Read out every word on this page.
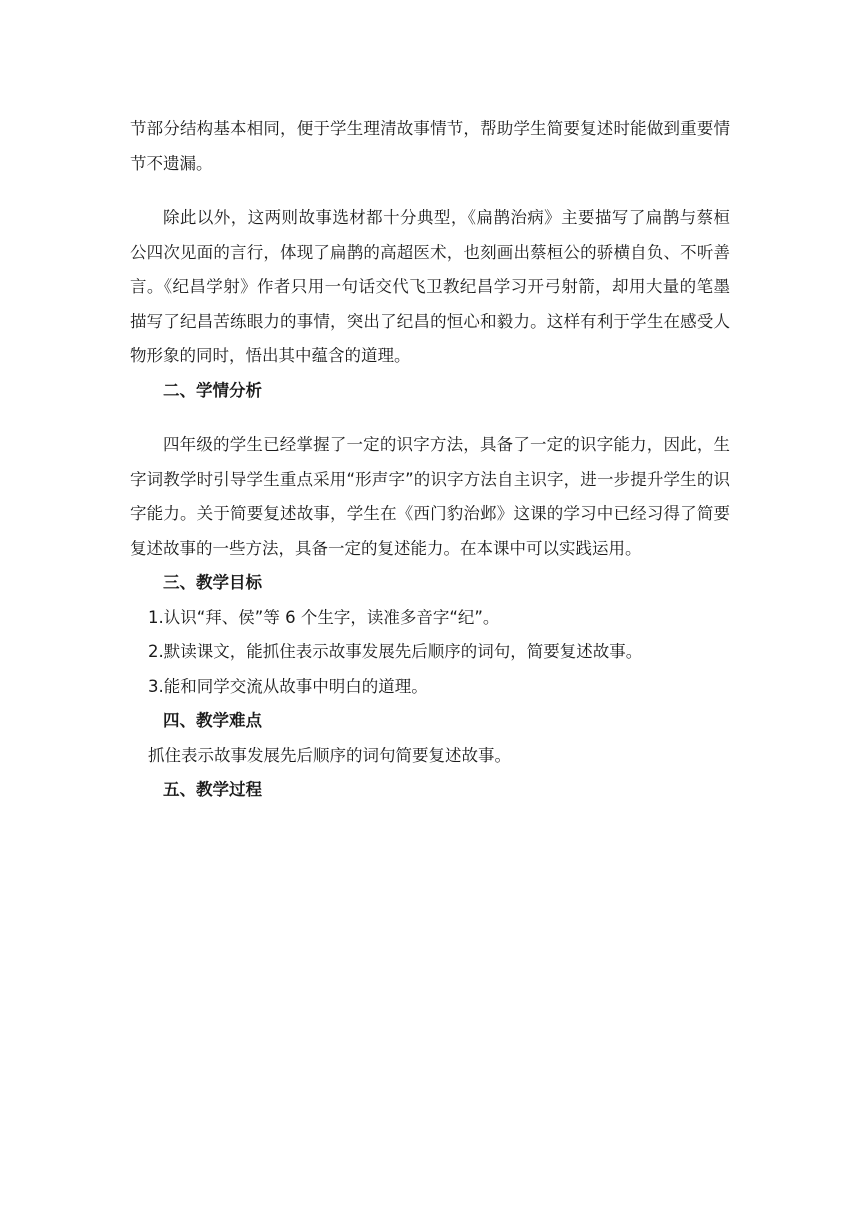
节部分结构基本相同，便于学生理清故事情节，帮助学生简要复述时能做到重要情节不遗漏。

除此以外，这两则故事选材都十分典型，《扁鹊治病》主要描写了扁鹊与蔡桓公四次见面的言行，体现了扁鹊的高超医术，也刻画出蔡桓公的骄横自负、不听善言。《纪昌学射》作者只用一句话交代飞卫教纪昌学习开弓射箭，却用大量的笔墨描写了纪昌苦练眼力的事情，突出了纪昌的恒心和毅力。这样有利于学生在感受人物形象的同时，悟出其中蕴含的道理。

二、学情分析

四年级的学生已经掌握了一定的识字方法，具备了一定的识字能力，因此，生字词教学时引导学生重点采用“形声字”的识字方法自主识字，进一步提升学生的识字能力。关于简要复述故事，学生在《西门豹治邺》这课的学习中已经习得了简要复述故事的一些方法，具备一定的复述能力。在本课中可以实践运用。

三、教学目标

1.认识“拜、侯”等 6 个生字，读准多音字“纪”。

2.默读课文，能抓住表示故事发展先后顺序的词句，简要复述故事。

3.能和同学交流从故事中明白的道理。

四、教学难点

抓住表示故事发展先后顺序的词句简要复述故事。

五、教学过程
